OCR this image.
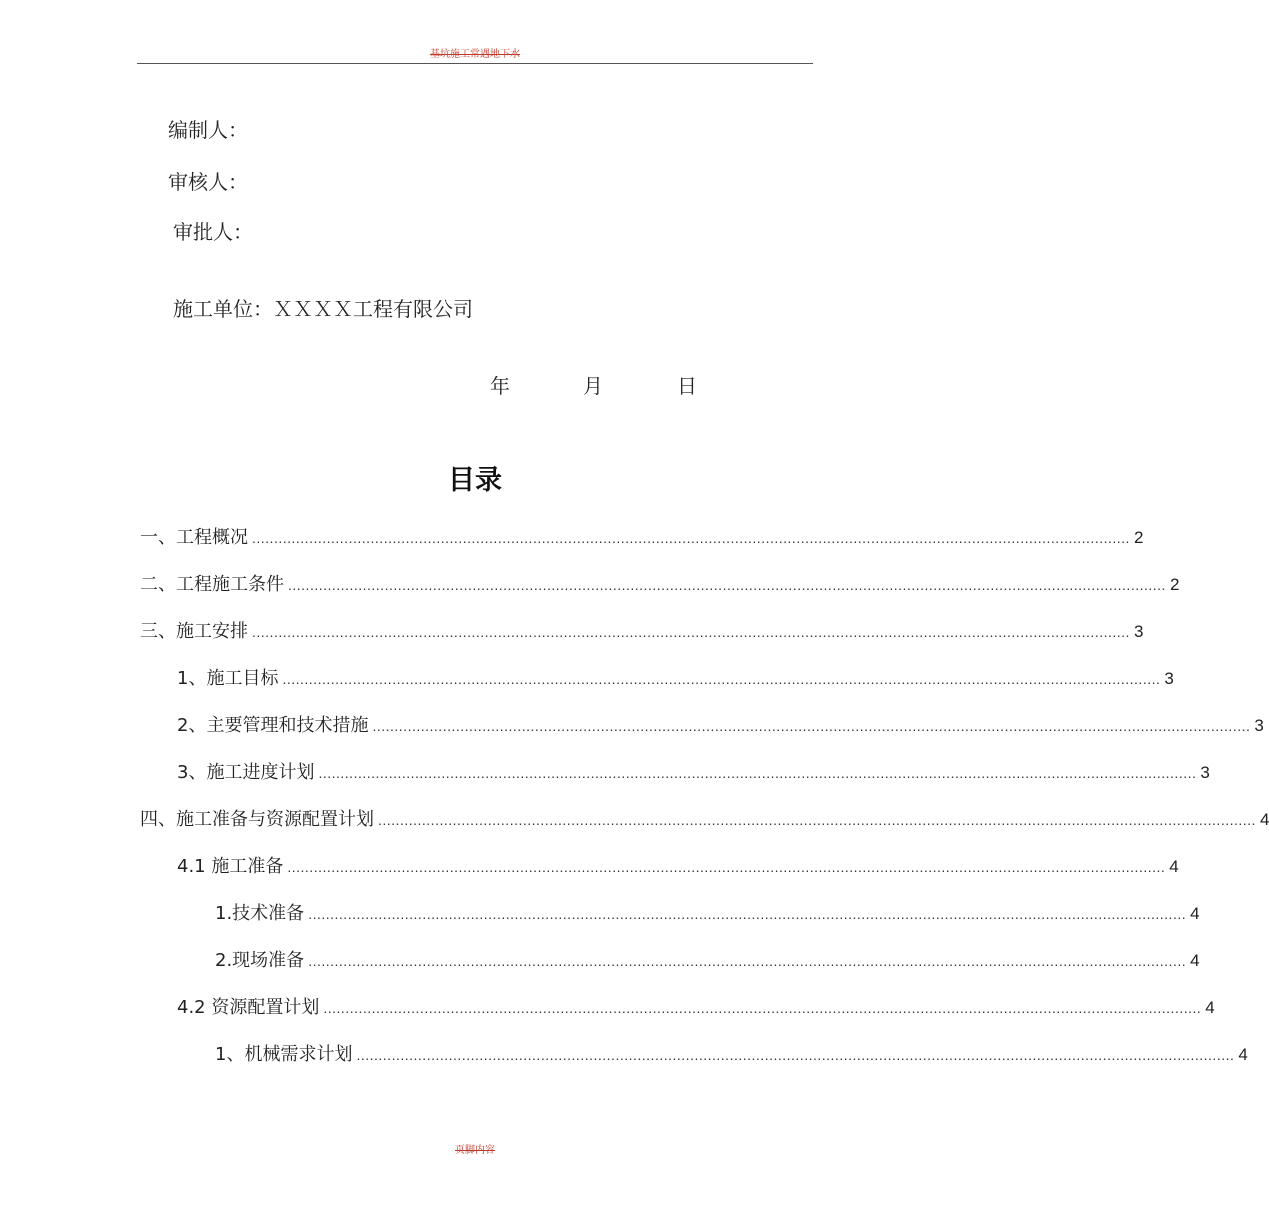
基坑施工常遇地下水
编制人：
审核人：
审批人：
施工单位：ＸＸＸＸ工程有限公司
年	月	日
目录
一、工程概况 ........................................................................................................................................................................................................ 2
二、工程施工条件 ........................................................................................................................................................................................................ 2
三、施工安排 ........................................................................................................................................................................................................ 3
1、施工目标 ........................................................................................................................................................................................................ 3
2、主要管理和技术措施 ........................................................................................................................................................................................................ 3
3、施工进度计划 ........................................................................................................................................................................................................ 3
四、施工准备与资源配置计划 ........................................................................................................................................................................................................ 4
4.1 施工准备 ........................................................................................................................................................................................................ 4
1.技术准备 ........................................................................................................................................................................................................ 4
2.现场准备 ........................................................................................................................................................................................................ 4
4.2 资源配置计划 ........................................................................................................................................................................................................ 4
1、机械需求计划 ........................................................................................................................................................................................................ 4
页脚内容
